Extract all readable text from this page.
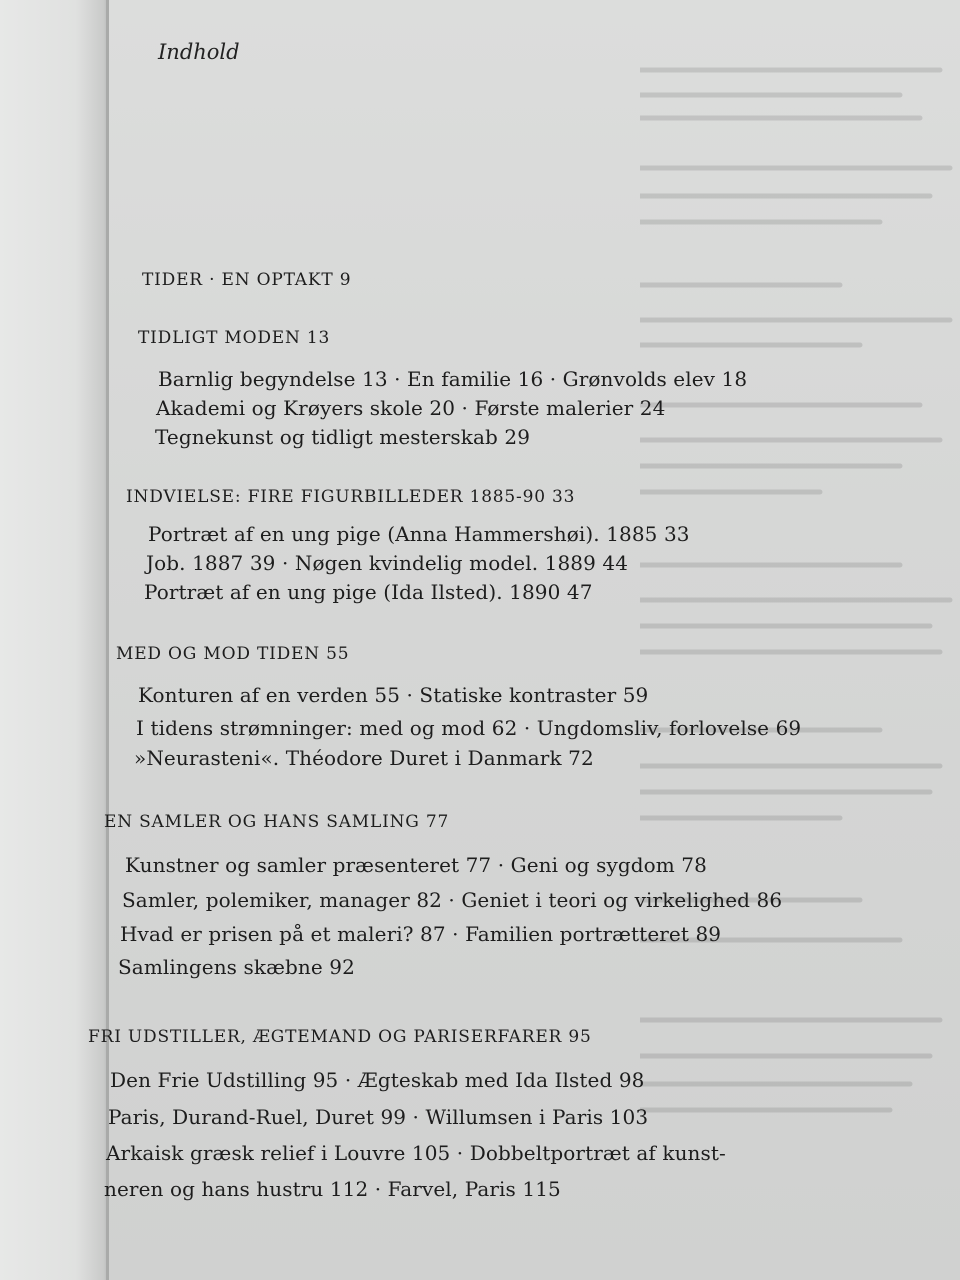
Indhold
TIDER · EN OPTAKT 9
TIDLIGT MODEN 13
Barnlig begyndelse 13 · En familie 16 · Grønvolds elev 18
Akademi og Krøyers skole 20 · Første malerier 24
Tegnekunst og tidligt mesterskab 29
INDVIELSE: FIRE FIGURBILLEDER 1885-90 33
Portræt af en ung pige (Anna Hammershøi). 1885 33
Job. 1887 39 · Nøgen kvindelig model. 1889 44
Portræt af en ung pige (Ida Ilsted). 1890 47
MED OG MOD TIDEN 55
Konturen af en verden 55 · Statiske kontraster 59
I tidens strømninger: med og mod 62 · Ungdomsliv, forlovelse 69
»Neurasteni«. Théodore Duret i Danmark 72
EN SAMLER OG HANS SAMLING 77
Kunstner og samler præsenteret 77 · Geni og sygdom 78
Samler, polemiker, manager 82 · Geniet i teori og virkelighed 86
Hvad er prisen på et maleri? 87 · Familien portrætteret 89
Samlingens skæbne 92
FRI UDSTILLER, ÆGTEMAND OG PARISERFARER 95
Den Frie Udstilling 95 · Ægteskab med Ida Ilsted 98
Paris, Durand-Ruel, Duret 99 · Willumsen i Paris 103
Arkaisk græsk relief i Louvre 105 · Dobbeltportræt af kunst-
neren og hans hustru 112 · Farvel, Paris 115
